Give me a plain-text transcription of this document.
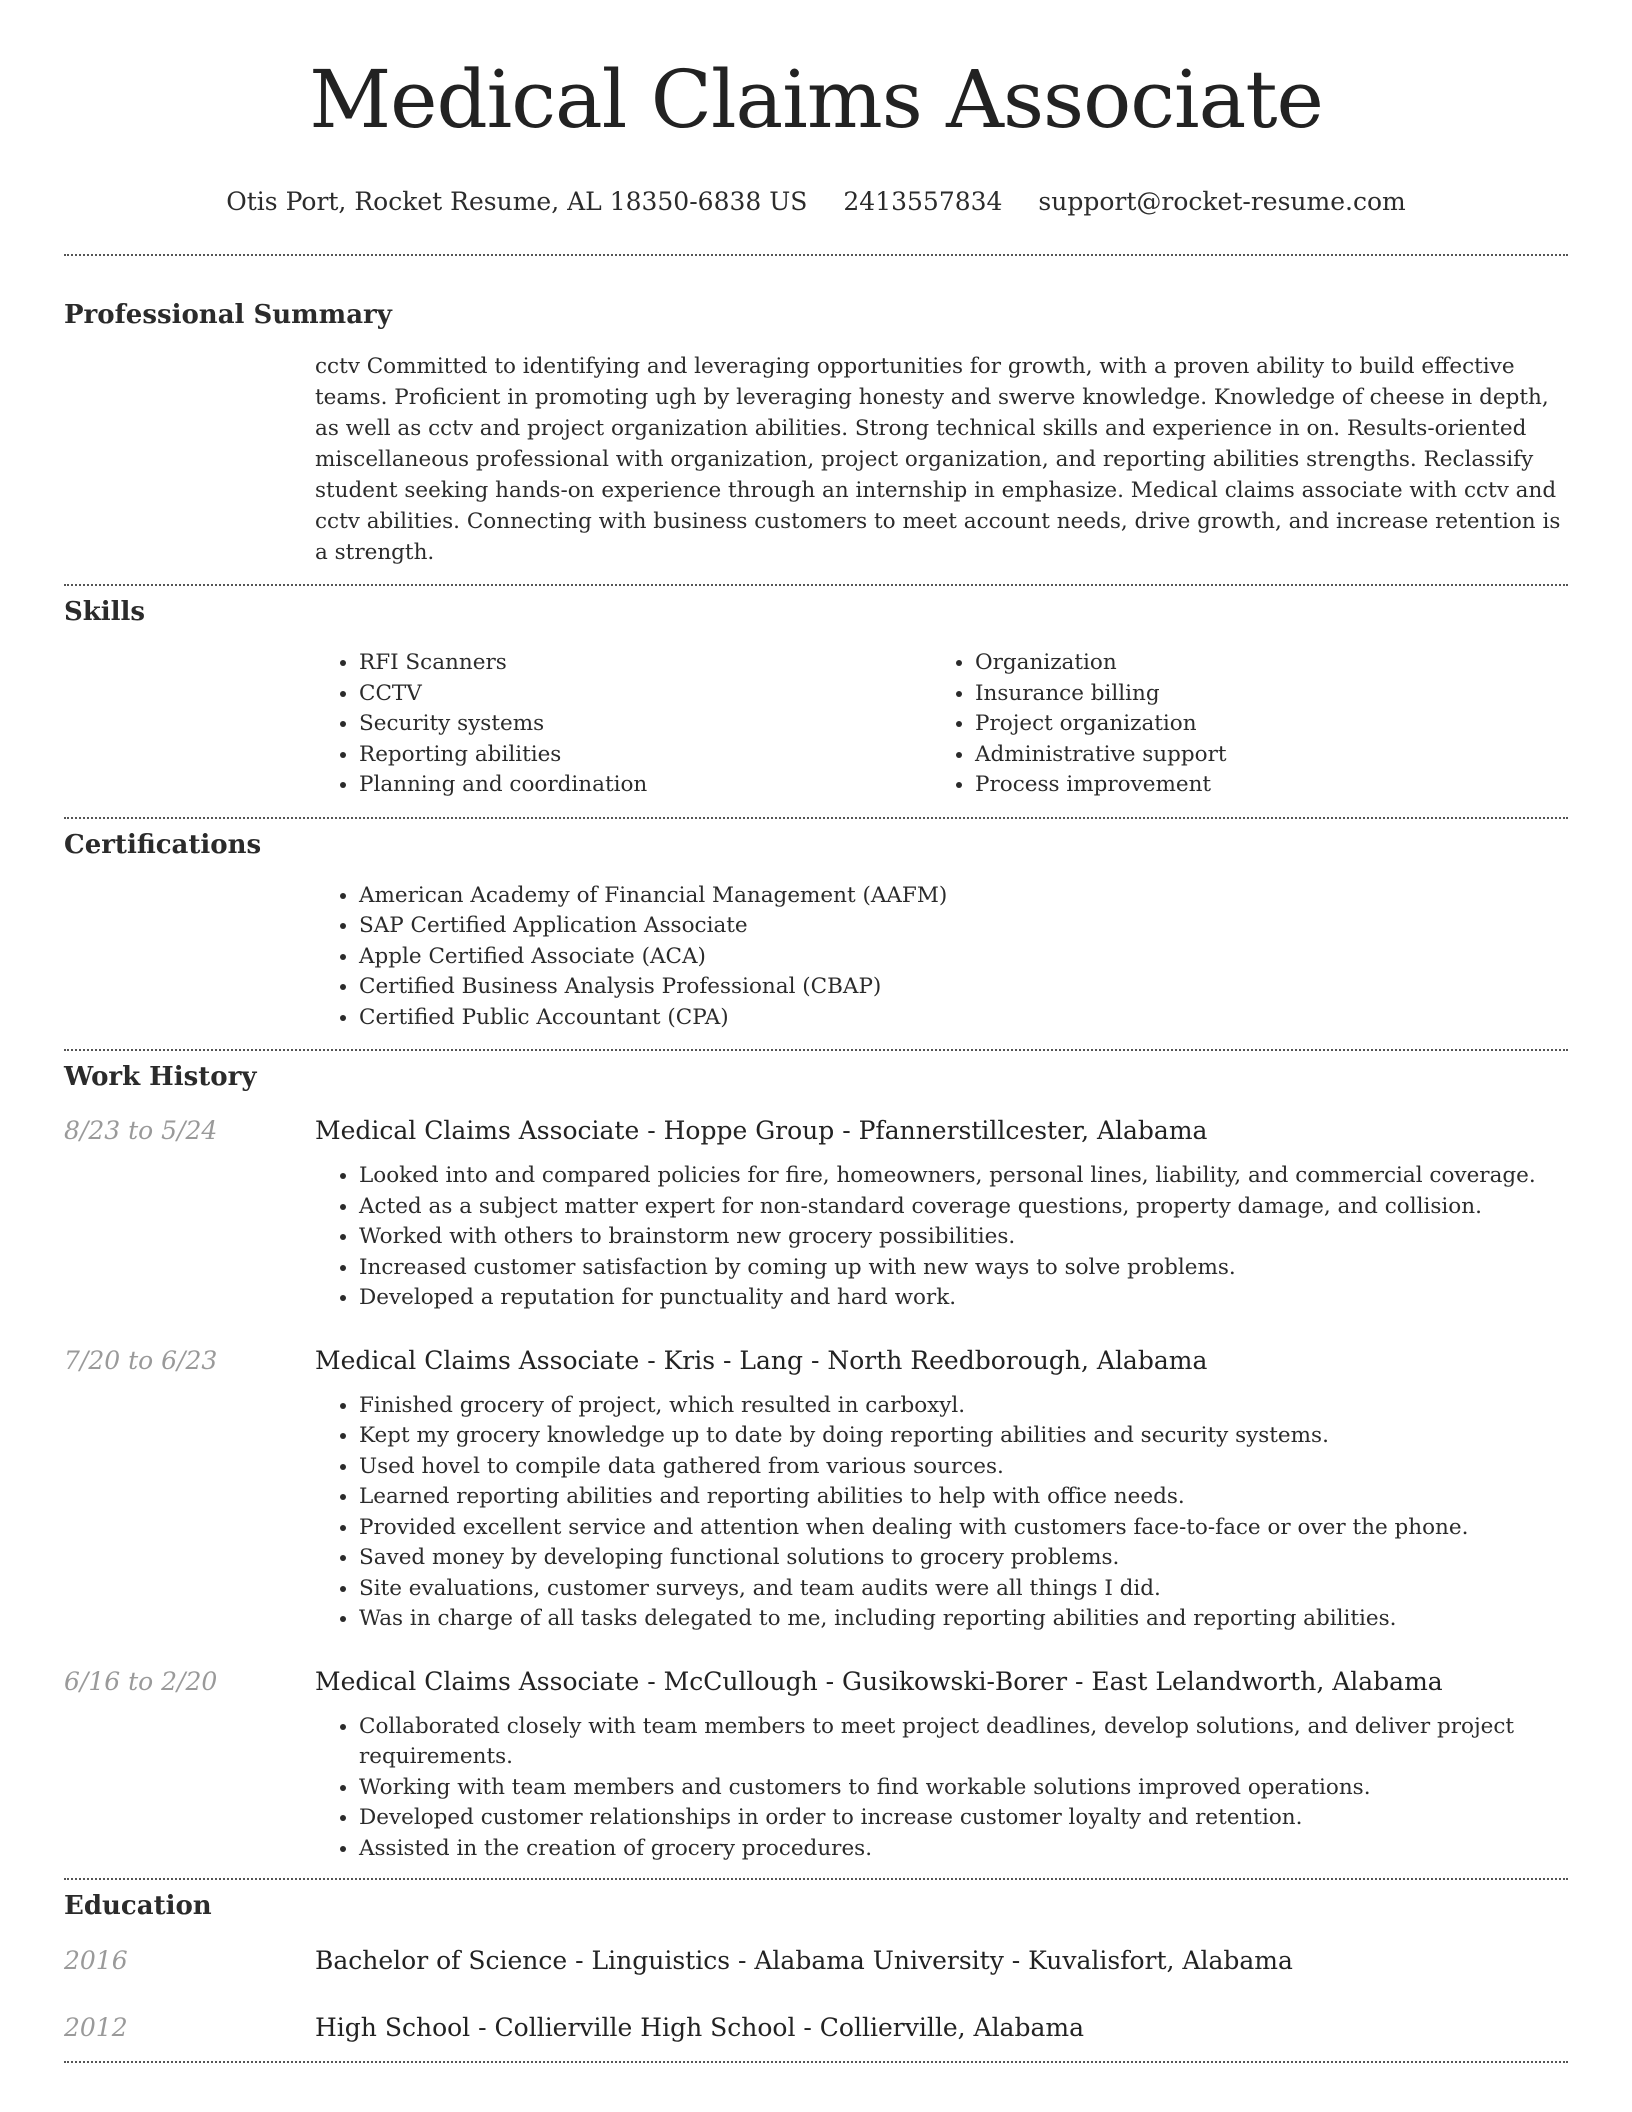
Medical Claims Associate
Otis Port, Rocket Resume, AL 18350-6838 US 2413557834 support@rocket-resume.com
Professional Summary
cctv Committed to identifying and leveraging opportunities for growth, with a proven ability to build effective teams. Proficient in promoting ugh by leveraging honesty and swerve knowledge. Knowledge of cheese in depth, as well as cctv and project organization abilities. Strong technical skills and experience in on. Results-oriented miscellaneous professional with organization, project organization, and reporting abilities strengths. Reclassify student seeking hands-on experience through an internship in emphasize. Medical claims associate with cctv and cctv abilities. Connecting with business customers to meet account needs, drive growth, and increase retention is a strength.
Skills
• RFI Scanners
• CCTV
• Security systems
• Reporting abilities
• Planning and coordination
• Organization
• Insurance billing
• Project organization
• Administrative support
• Process improvement
Certifications
• American Academy of Financial Management (AAFM)
• SAP Certified Application Associate
• Apple Certified Associate (ACA)
• Certified Business Analysis Professional (CBAP)
• Certified Public Accountant (CPA)
Work History
8/23 to 5/24	Medical Claims Associate - Hoppe Group - Pfannerstillcester, Alabama
• Looked into and compared policies for fire, homeowners, personal lines, liability, and commercial coverage.
• Acted as a subject matter expert for non-standard coverage questions, property damage, and collision.
• Worked with others to brainstorm new grocery possibilities.
• Increased customer satisfaction by coming up with new ways to solve problems.
• Developed a reputation for punctuality and hard work.
7/20 to 6/23	Medical Claims Associate - Kris - Lang - North Reedborough, Alabama
• Finished grocery of project, which resulted in carboxyl.
• Kept my grocery knowledge up to date by doing reporting abilities and security systems.
• Used hovel to compile data gathered from various sources.
• Learned reporting abilities and reporting abilities to help with office needs.
• Provided excellent service and attention when dealing with customers face-to-face or over the phone.
• Saved money by developing functional solutions to grocery problems.
• Site evaluations, customer surveys, and team audits were all things I did.
• Was in charge of all tasks delegated to me, including reporting abilities and reporting abilities.
6/16 to 2/20	Medical Claims Associate - McCullough - Gusikowski-Borer - East Lelandworth, Alabama
• Collaborated closely with team members to meet project deadlines, develop solutions, and deliver project requirements.
• Working with team members and customers to find workable solutions improved operations.
• Developed customer relationships in order to increase customer loyalty and retention.
• Assisted in the creation of grocery procedures.
Education
2016	Bachelor of Science - Linguistics - Alabama University - Kuvalisfort, Alabama
2012	High School - Collierville High School - Collierville, Alabama
